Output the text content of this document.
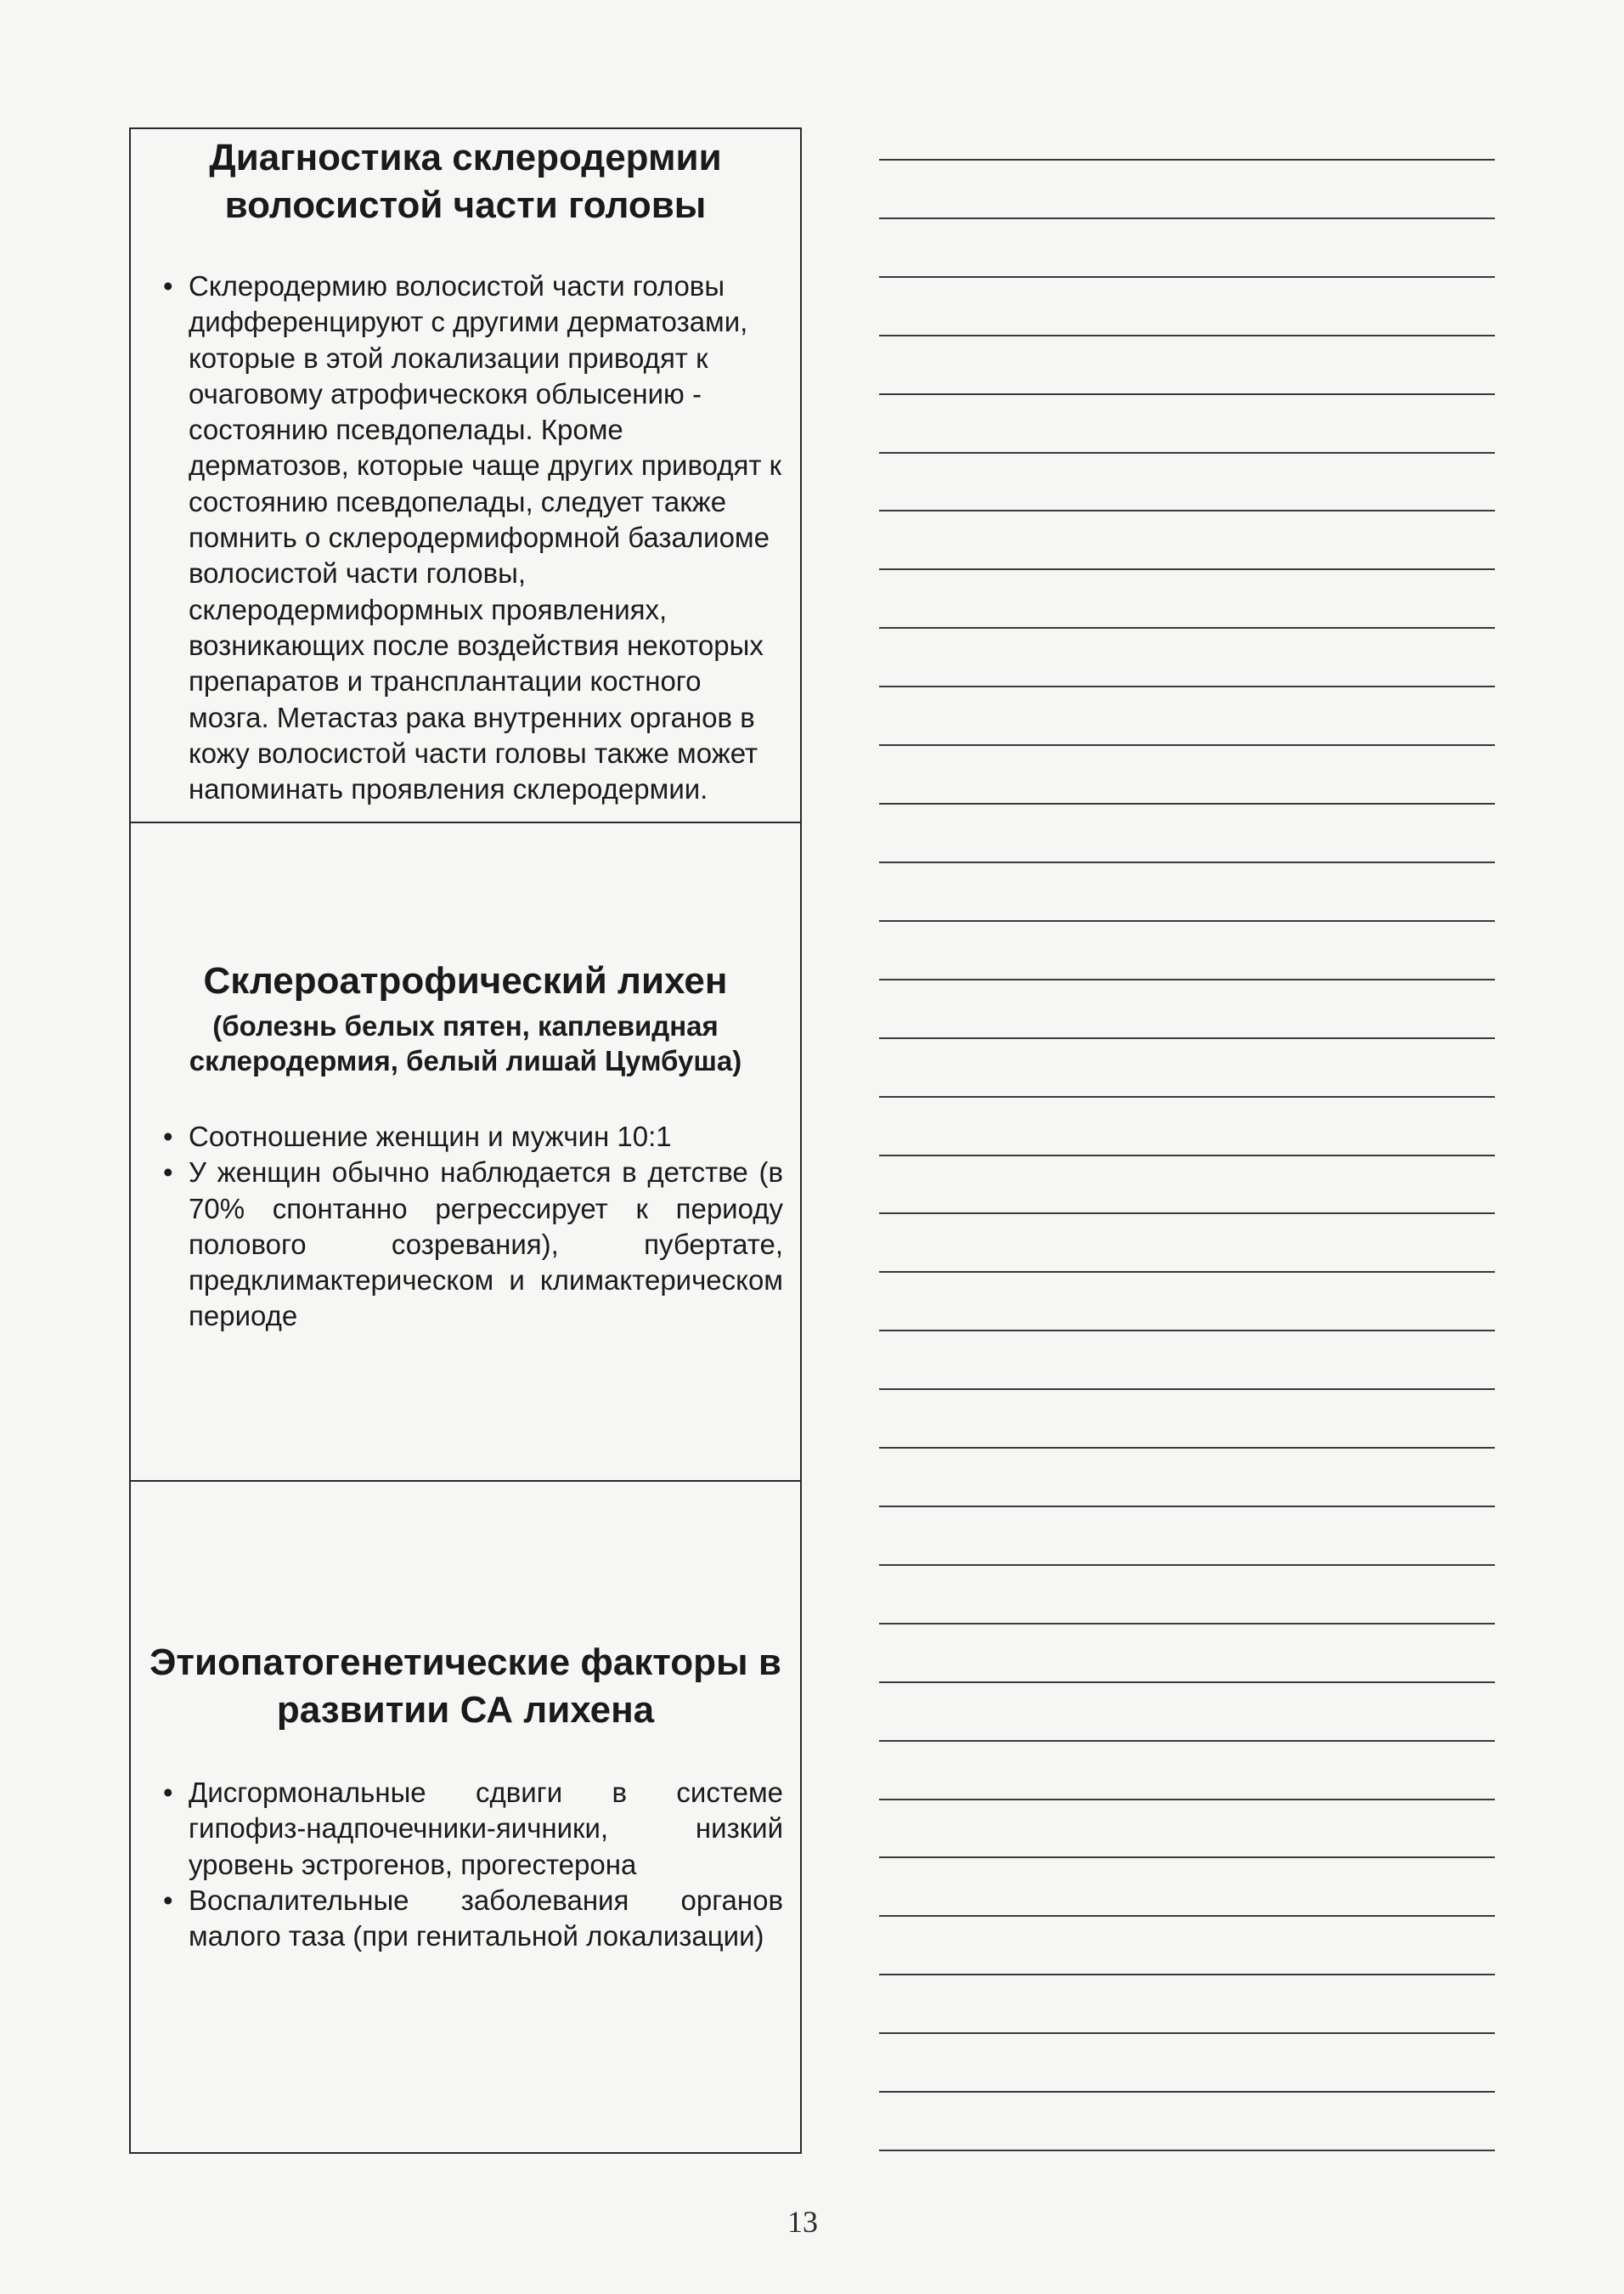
Диагностика склеродермии волосистой части головы
• Склеродермию волосистой части головы дифференцируют с другими дерматозами, которые в этой локализации приводят к очаговому атрофическокя облысению - состоянию псевдопелады. Кроме дерматозов, которые чаще других приводят к состоянию псевдопелады, следует также помнить о склеродермиформной базалиоме волосистой части головы, склеродермиформных проявлениях, возникающих после воздействия некоторых препаратов и трансплантации костного мозга. Метастаз рака внутренних органов в кожу волосистой части головы также может напоминать проявления склеродермии.
Склероатрофический лихен

(болезнь белых пятен, каплевидная склеродермия, белый лишай Цумбуша)

• Соотношение женщин и мужчин 10:1
• У женщин обычно наблюдается в детстве (в 70% спонтанно регрессирует к периоду полового созревания), пубертате, предклимактерическом и климактерическом периоде
Этиопатогенетические факторы в развитии СА лихена
• Дисгормональные сдвиги в системе гипофиз-надпочечники-яичники, низкий уровень эстрогенов, прогестерона
• Воспалительные заболевания органов малого таза (при генитальной локализации)
13
